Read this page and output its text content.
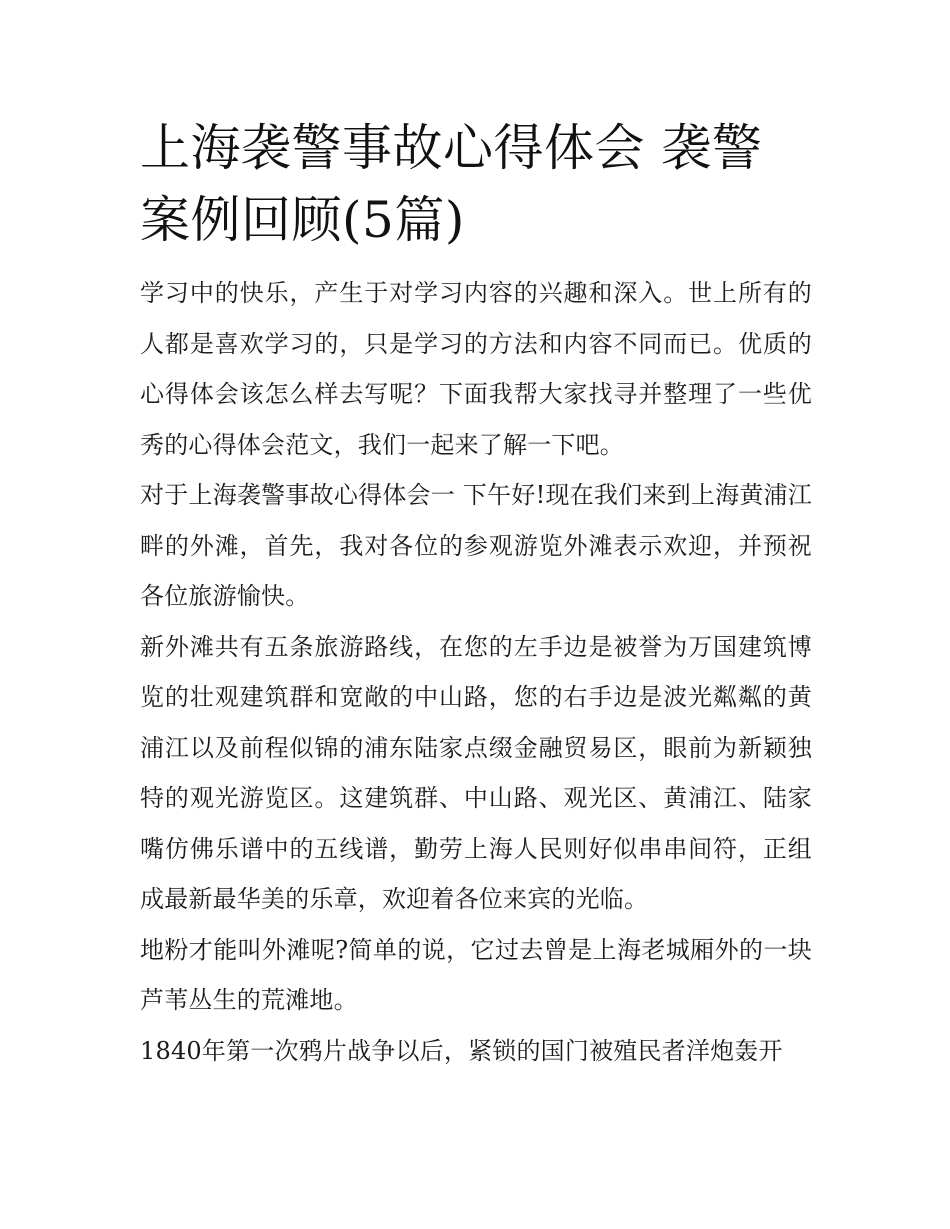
上海袭警事故心得体会 袭警案例回顾(5篇)

学习中的快乐，产生于对学习内容的兴趣和深入。世上所有的人都是喜欢学习的，只是学习的方法和内容不同而已。优质的心得体会该怎么样去写呢？下面我帮大家找寻并整理了一些优秀的心得体会范文，我们一起来了解一下吧。

对于上海袭警事故心得体会一 下午好!现在我们来到上海黄浦江畔的外滩，首先，我对各位的参观游览外滩表示欢迎，并预祝各位旅游愉快。

新外滩共有五条旅游路线，在您的左手边是被誉为万国建筑博览的壮观建筑群和宽敞的中山路，您的右手边是波光粼粼的黄浦江以及前程似锦的浦东陆家点缀金融贸易区，眼前为新颖独特的观光游览区。这建筑群、中山路、观光区、黄浦江、陆家嘴仿佛乐谱中的五线谱，勤劳上海人民则好似串串间符，正组成最新最华美的乐章，欢迎着各位来宾的光临。

地粉才能叫外滩呢?简单的说，它过去曾是上海老城厢外的一块芦苇丛生的荒滩地。

1840年第一次鸦片战争以后，紧锁的国门被殖民者洋炮轰开
